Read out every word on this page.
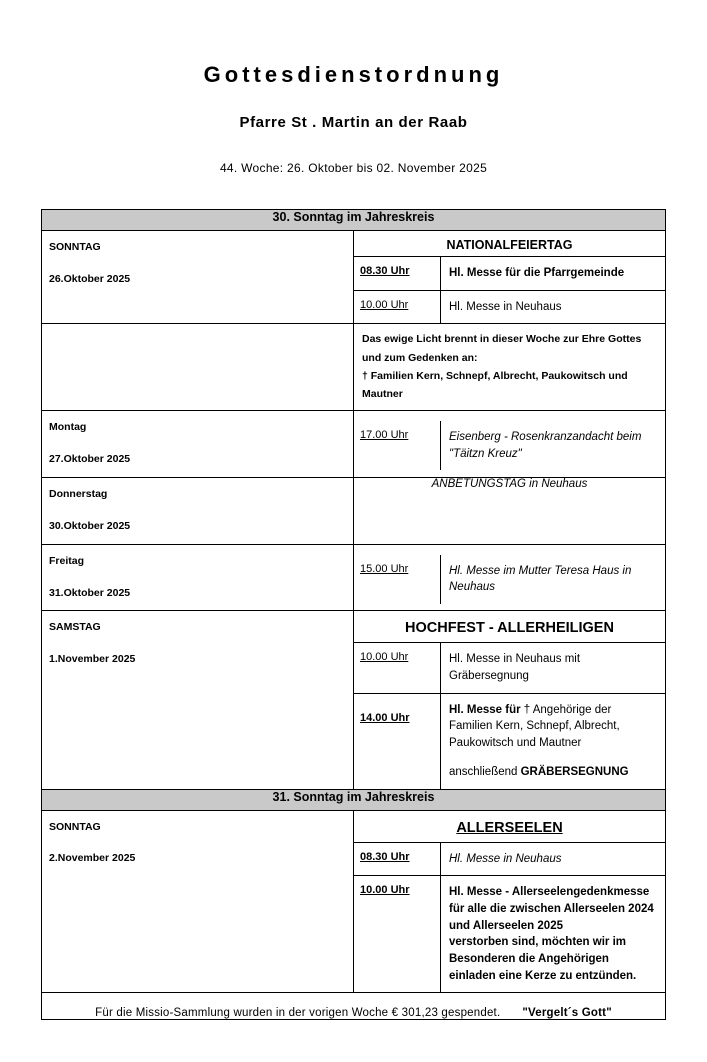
Gottesdienstordnung
Pfarre St . Martin an der Raab
44. Woche: 26. Oktober bis 02. November 2025
30. Sonntag im Jahreskreis	

SONNTAG
26.Oktober 2025

NATIONALFEIERTAG
08.30 Uhr	Hl. Messe für die Pfarrgemeinde
10.00 Uhr	Hl. Messe in Neuhaus

	Das ewige Licht brennt in dieser Woche zur Ehre Gottes und zum Gedenken an:
† Familien Kern, Schnepf, Albrecht, Paukowitsch und Mautner

Montag
27.Oktober 2025

17.00 Uhr	Eisenberg - Rosenkranzandacht beim "Täitzn Kreuz"

Donnerstag
30.Oktober 2025	ANBETUNGSTAG in Neuhaus

Freitag
31.Oktober 2025

15.00 Uhr	Hl. Messe im Mutter Teresa Haus in Neuhaus

SAMSTAG
1.November 2025

HOCHFEST - ALLERHEILIGEN
10.00 Uhr	Hl. Messe in Neuhaus mit Gräbersegnung
14.00 Uhr
Hl. Messe für † Angehörige der Familien Kern, Schnepf, Albrecht, Paukowitsch und Mautner
anschließend GRÄBERSEGNUNG

31. Sonntag im Jahreskreis	

SONNTAG
2.November 2025

ALLERSEELEN
08.30 Uhr	Hl. Messe in Neuhaus
10.00 Uhr	Hl. Messe - Allerseelengedenkmesse
für alle die zwischen Allerseelen 2024 und Allerseelen 2025
verstorben sind, möchten wir im Besonderen die Angehörigen
einladen eine Kerze zu entzünden.

Für die Missio-Sammlung wurden in der vorigen Woche € 301,23 gespendet. "Vergelt´s Gott"	
